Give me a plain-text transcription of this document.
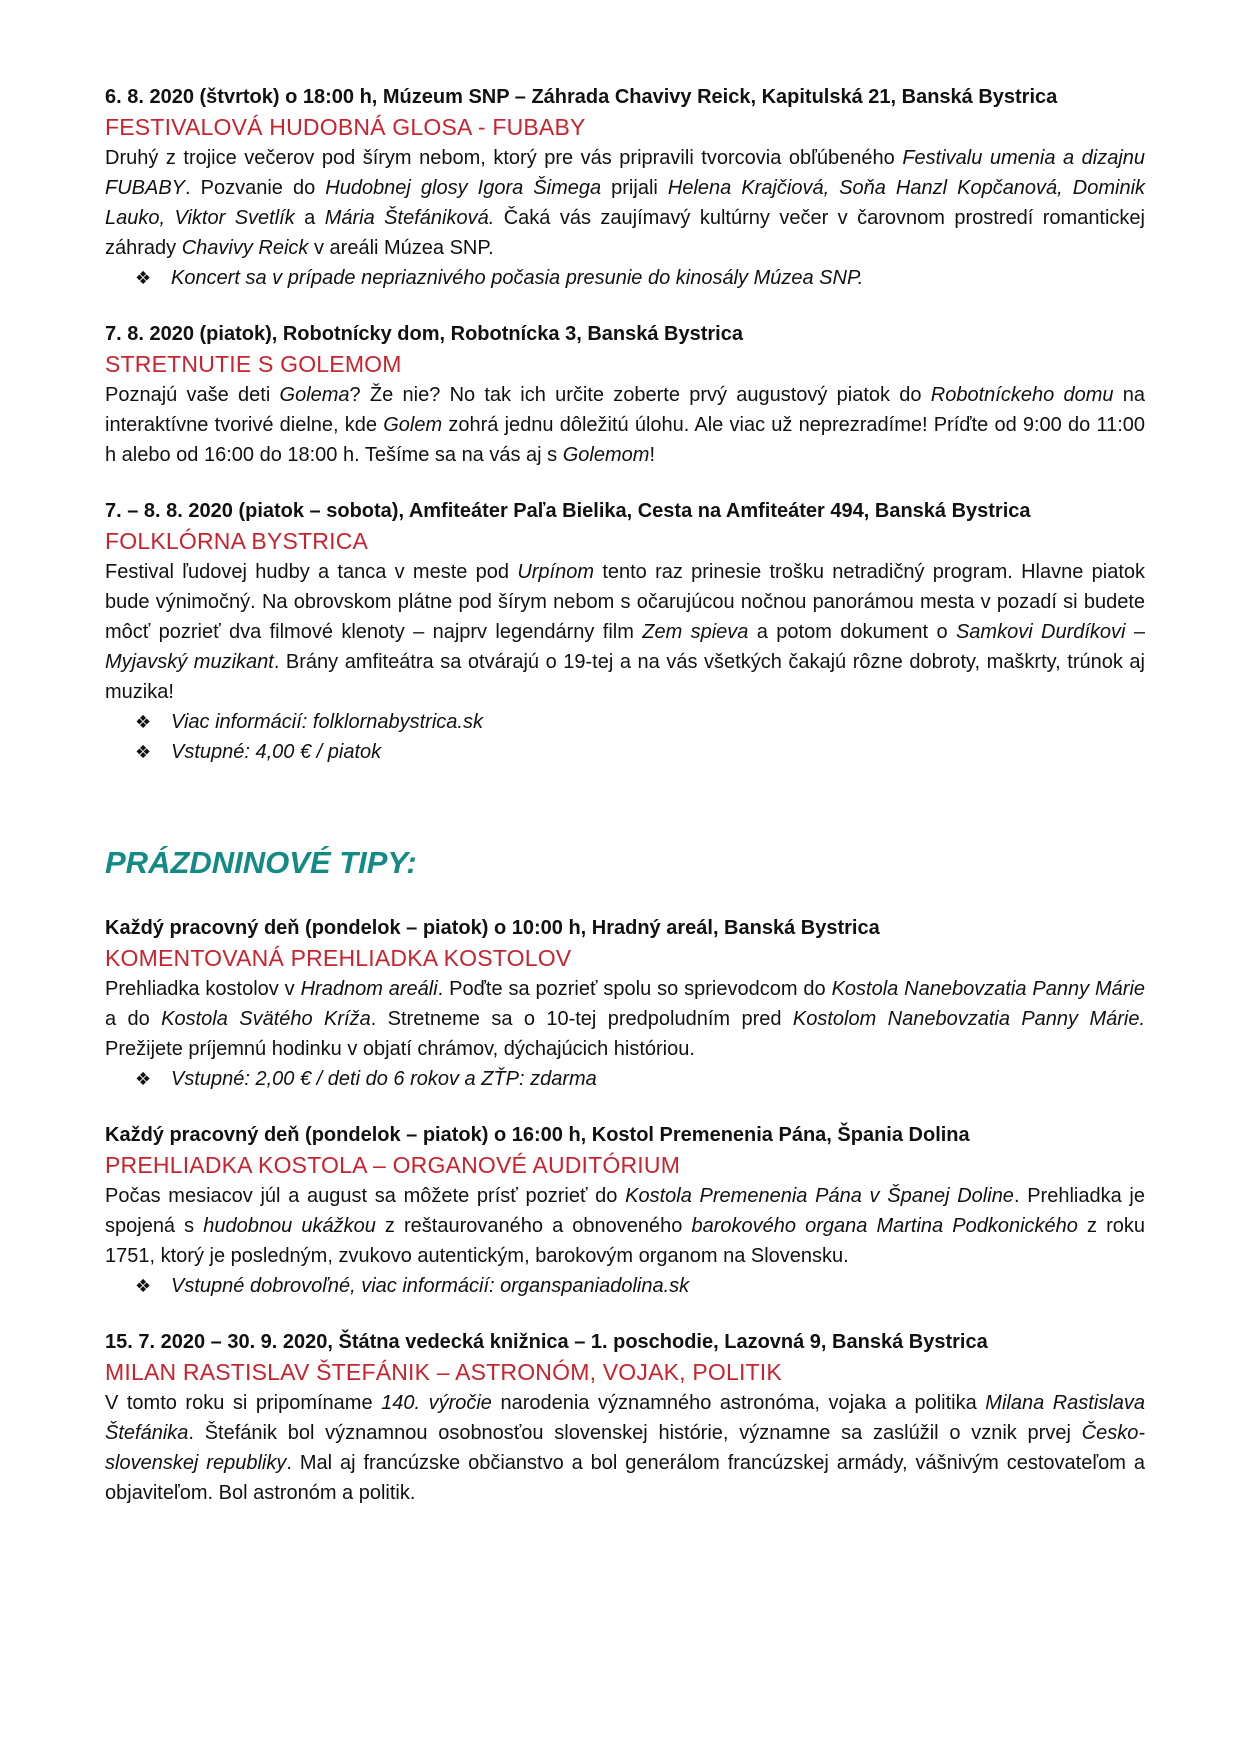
6. 8. 2020 (štvrtok) o 18:00 h, Múzeum SNP – Záhrada Chavivy Reick, Kapitulská 21, Banská Bystrica

FESTIVALOVÁ HUDOBNÁ GLOSA - FUBABY

Druhý z trojice večerov pod šírym nebom, ktorý pre vás pripravili tvorcovia obľúbeného Festivalu umenia a dizajnu FUBABY. Pozvanie do Hudobnej glosy Igora Šimega prijali Helena Krajčiová, Soňa Hanzl Kopčanová, Dominik Lauko, Viktor Svetlík a Mária Štefániková. Čaká vás zaujímavý kultúrny večer v čarovnom prostredí romantickej záhrady Chavivy Reick v areáli Múzea SNP.

❖ Koncert sa v prípade nepriaznivého počasia presunie do kinosály Múzea SNP.

7. 8. 2020 (piatok), Robotnícky dom, Robotnícka 3, Banská Bystrica

STRETNUTIE S GOLEMOM

Poznajú vaše deti Golema? Že nie? No tak ich určite zoberte prvý augustový piatok do Robotníckeho domu na interaktívne tvorivé dielne, kde Golem zohrá jednu dôležitú úlohu. Ale viac už neprezradíme! Príďte od 9:00 do 11:00 h alebo od 16:00 do 18:00 h. Tešíme sa na vás aj s Golemom!

7. – 8. 8. 2020 (piatok – sobota), Amfiteáter Paľa Bielika, Cesta na Amfiteáter 494, Banská Bystrica

FOLKLÓRNA BYSTRICA

Festival ľudovej hudby a tanca v meste pod Urpínom tento raz prinesie trošku netradičný program. Hlavne piatok bude výnimočný. Na obrovskom plátne pod šírym nebom s očarujúcou nočnou panorámou mesta v pozadí si budete môcť pozrieť dva filmové klenoty – najprv legendárny film Zem spieva a potom dokument o Samkovi Durdíkovi – Myjavský muzikant. Brány amfiteátra sa otvárajú o 19-tej a na vás všetkých čakajú rôzne dobroty, maškrty, trúnok aj muzika!

❖ Viac informácií: folklornabystrica.sk
❖ Vstupné: 4,00 € / piatok
PRÁZDNINOVÉ TIPY:

Každý pracovný deň (pondelok – piatok) o 10:00 h, Hradný areál, Banská Bystrica

KOMENTOVANÁ PREHLIADKA KOSTOLOV

Prehliadka kostolov v Hradnom areáli. Poďte sa pozrieť spolu so sprievodcom do Kostola Nanebovzatia Panny Márie a do Kostola Svätého Kríža. Stretneme sa o 10-tej predpoludním pred Kostolom Nanebovzatia Panny Márie. Prežijete príjemnú hodinku v objatí chrámov, dýchajúcich históriou.

❖ Vstupné: 2,00 € / deti do 6 rokov a ZŤP: zdarma

Každý pracovný deň (pondelok – piatok) o 16:00 h, Kostol Premenenia Pána, Špania Dolina

PREHLIADKA KOSTOLA – ORGANOVÉ AUDITÓRIUM

Počas mesiacov júl a august sa môžete prísť pozrieť do Kostola Premenenia Pána v Španej Doline. Prehliadka je spojená s hudobnou ukážkou z reštaurovaného a obnoveného barokového organa Martina Podkonického z roku 1751, ktorý je posledným, zvukovo autentickým, barokovým organom na Slovensku.

❖ Vstupné dobrovoľné, viac informácií: organspaniadolina.sk

15. 7. 2020 – 30. 9. 2020, Štátna vedecká knižnica – 1. poschodie, Lazovná 9, Banská Bystrica

MILAN RASTISLAV ŠTEFÁNIK – ASTRONÓM, VOJAK, POLITIK

V tomto roku si pripomíname 140. výročie narodenia významného astronóma, vojaka a politika Milana Rastislava Štefánika. Štefánik bol významnou osobnosťou slovenskej histórie, významne sa zaslúžil o vznik prvej Česko-slovenskej republiky. Mal aj francúzske občianstvo a bol generálom francúzskej armády, vášnivým cestovateľom a objaviteľom. Bol astronóm a politik.
